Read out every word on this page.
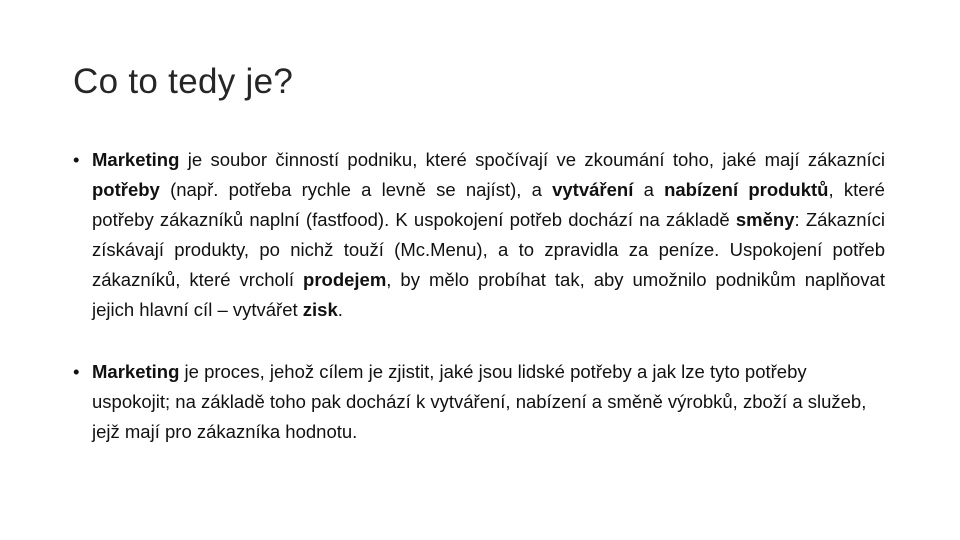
Co to tedy je?
• Marketing je soubor činností podniku, které spočívají ve zkoumání toho, jaké mají zákazníci potřeby (např. potřeba rychle a levně se najíst), a vytváření a nabízení produktů, které potřeby zákazníků naplní (fastfood). K uspokojení potřeb dochází na základě směny: Zákazníci získávají produkty, po nichž touží (Mc.Menu), a to zpravidla za peníze. Uspokojení potřeb zákazníků, které vrcholí prodejem, by mělo probíhat tak, aby umožnilo podnikům naplňovat jejich hlavní cíl – vytvářet zisk.
• Marketing je proces, jehož cílem je zjistit, jaké jsou lidské potřeby a jak lze tyto potřeby uspokojit; na základě toho pak dochází k vytváření, nabízení a směně výrobků, zboží a služeb, jejž mají pro zákazníka hodnotu.
